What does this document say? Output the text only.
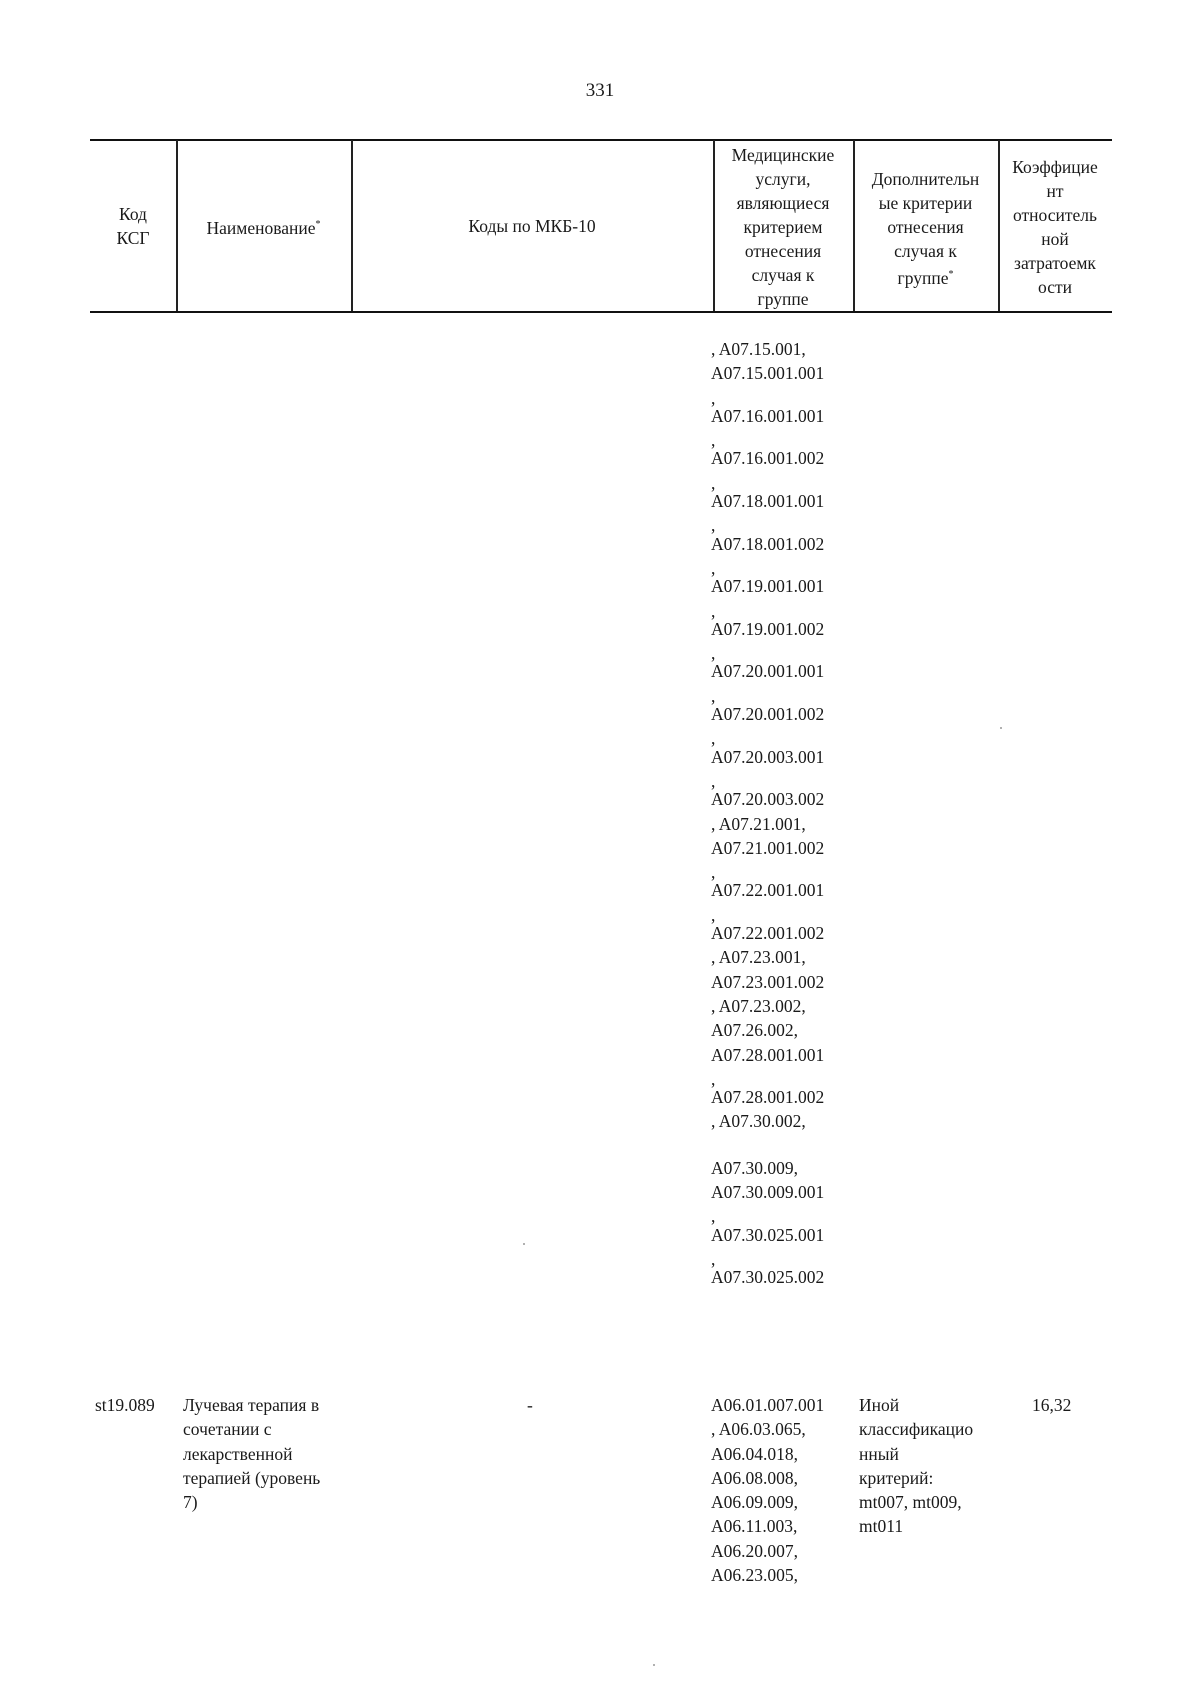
331
Код
КСГ
Наименование*	Коды по МКБ-10
Медицинские
услуги,
являющиеся
критерием
отнесения
случая к
группе
Дополнительн
ые критерии
отнесения
случая к
группе*
Коэффицие
нт
относитель
ной
затратоемк
ости
, A07.15.001,
A07.15.001.001
,
A07.16.001.001
,
A07.16.001.002
,
A07.18.001.001
,
A07.18.001.002
,
A07.19.001.001
,
A07.19.001.002
,
A07.20.001.001
,
A07.20.001.002
,
A07.20.003.001
,
A07.20.003.002
, A07.21.001,
A07.21.001.002
,
A07.22.001.001
,
A07.22.001.002
, A07.23.001,
A07.23.001.002
, A07.23.002,
A07.26.002,
A07.28.001.001
,
A07.28.001.002
, A07.30.002,
A07.30.009,
A07.30.009.001
,
A07.30.025.001
,
A07.30.025.002
st19.089 Лучевая терапия в
сочетании с
лекарственной
терапией (уровень
7)
-	A06.01.007.001
, A06.03.065,
A06.04.018,
A06.08.008,
A06.09.009,
A06.11.003,
A06.20.007,
A06.23.005,
Иной
классификацио
нный
критерий:
mt007, mt009,
mt011
16,32
